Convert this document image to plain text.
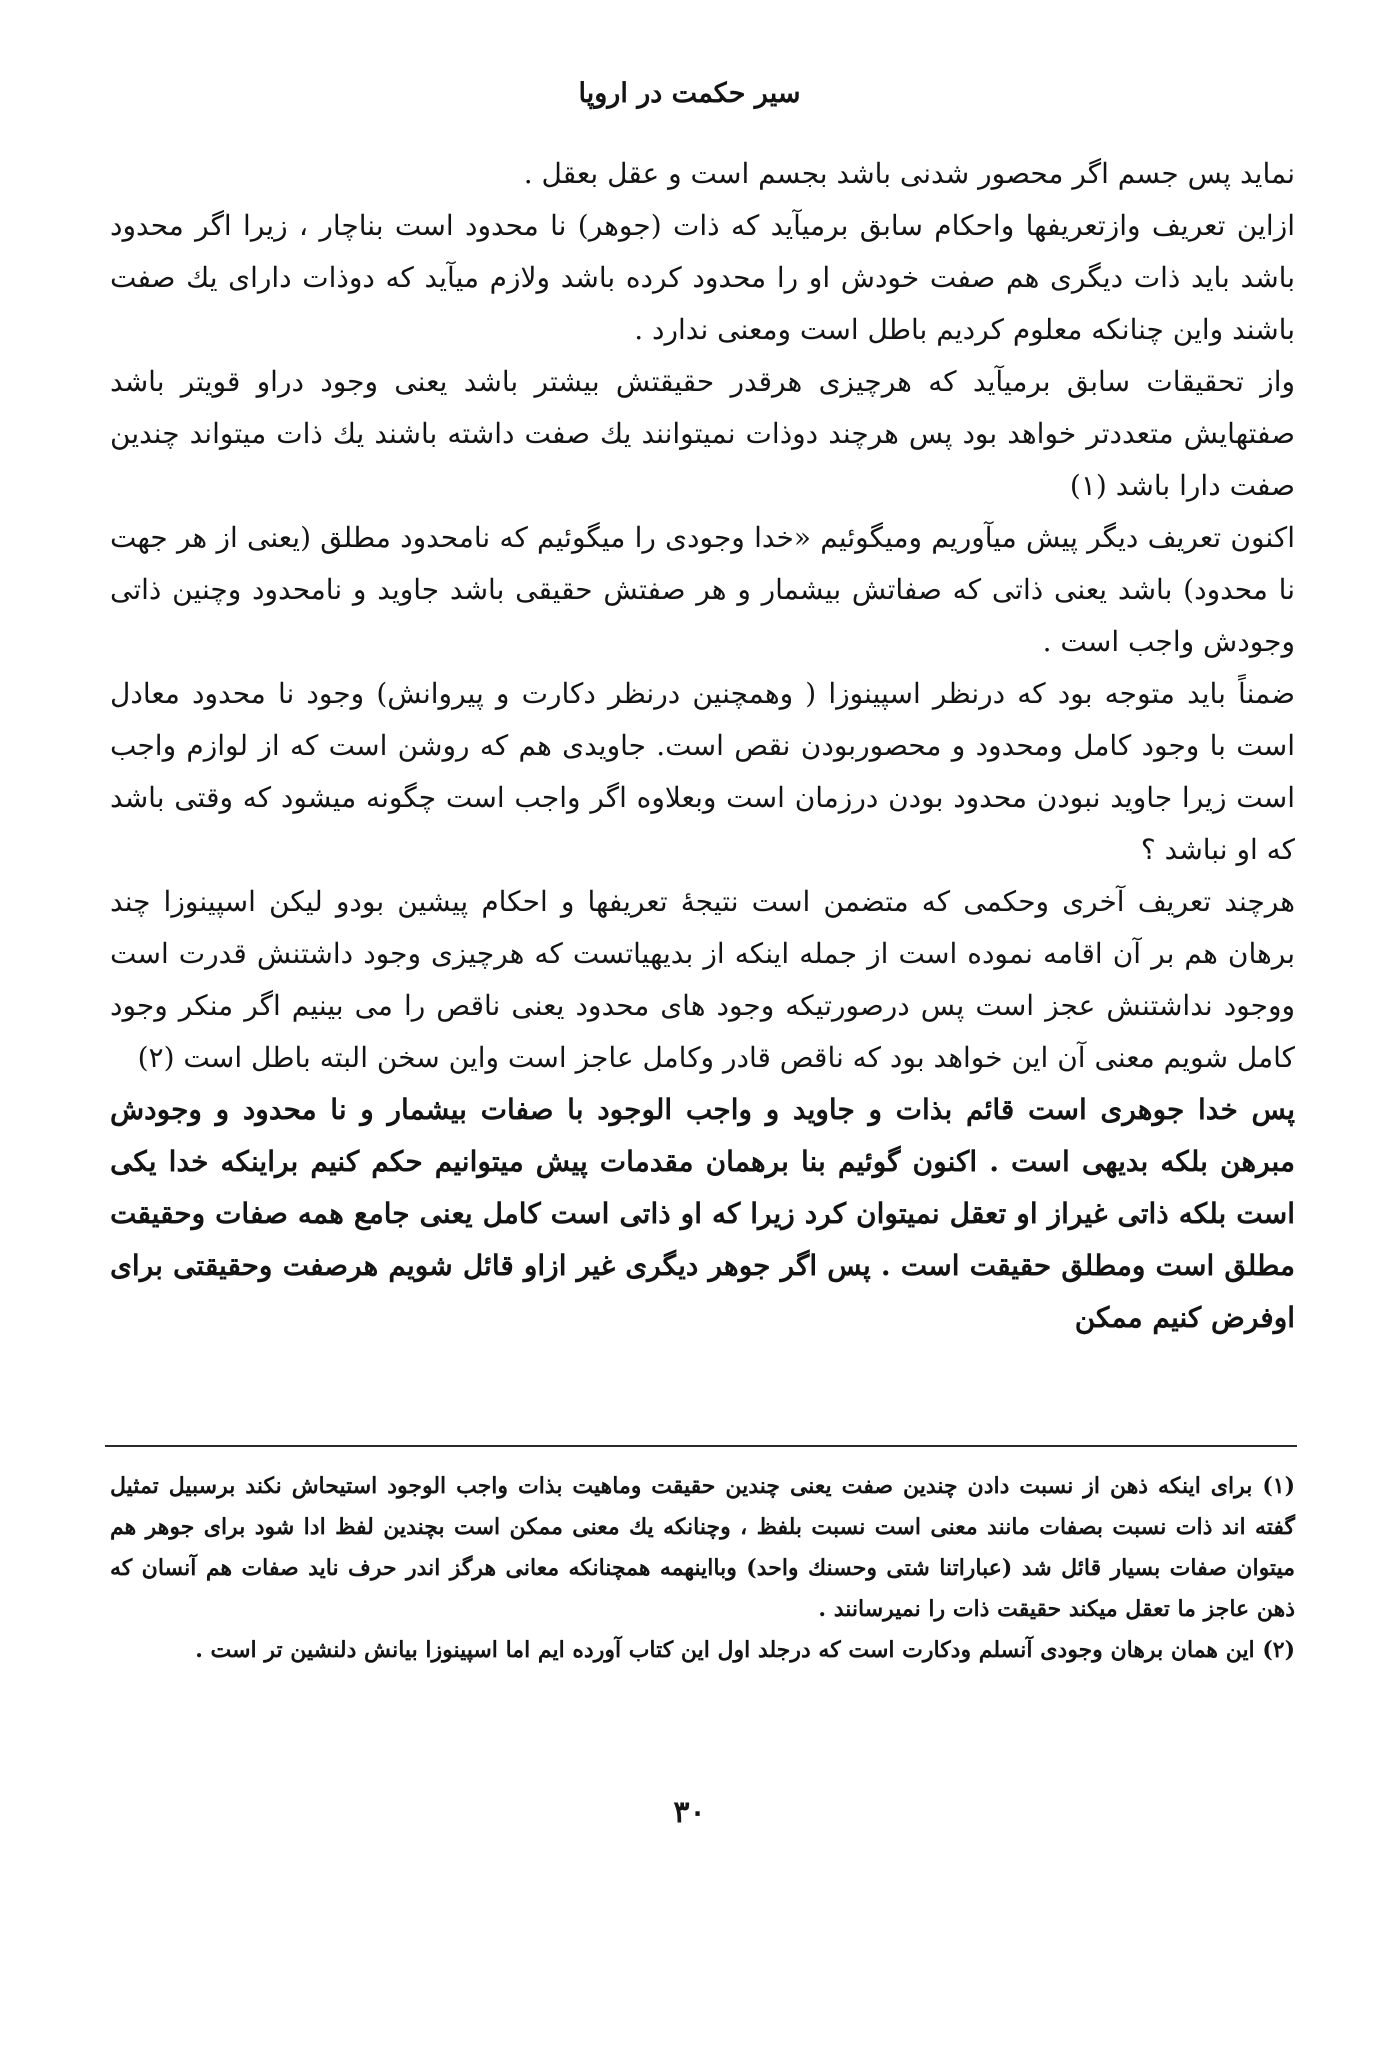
سیر حکمت در اروپا

نماید پس جسم اگر محصور شدنی باشد بجسم است و عقل بعقل .

ازاین تعریف وازتعریفها واحکام سابق برمیآید که ذات (جوهر) نا محدود است بناچار ، زیرا اگر محدود باشد باید ذات دیگری هم صفت خودش او را محدود کرده باشد ولازم میآید که دوذات دارای یك صفت باشند واین چنانکه معلوم کردیم باطل است ومعنی ندارد .

واز تحقیقات سابق برمیآید که هرچیزی هرقدر حقیقتش بیشتر باشد یعنی وجود دراو قویتر باشد صفتهایش متعددتر خواهد بود پس هرچند دوذات نمیتوانند یك صفت داشته باشند یك ذات میتواند چندین صفت دارا باشد (۱)

اکنون تعریف دیگر پیش میآوریم ومیگوئیم «خدا وجودی را میگوئیم که نامحدود مطلق (یعنی از هر جهت نا محدود) باشد یعنی ذاتی که صفاتش بیشمار و هر صفتش حقیقی باشد جاوید و نامحدود وچنین ذاتی وجودش واجب است .

ضمناً باید متوجه بود که درنظر اسپینوزا ( وهمچنین درنظر دکارت و پیروانش) وجود نا محدود معادل است با وجود کامل ومحدود و محصوربودن نقص است. جاویدی هم که روشن است که از لوازم واجب است زیرا جاوید نبودن محدود بودن درزمان است وبعلاوه اگر واجب است چگونه میشود که وقتی باشد که او نباشد ؟

هرچند تعریف آخری وحکمی که متضمن است نتیجهٔ تعریفها و احکام پیشین بودو لیکن اسپینوزا چند برهان هم بر آن اقامه نموده است از جمله اینکه از بدیهیاتست که هرچیزی وجود داشتنش قدرت است ووجود نداشتنش عجز است پس درصورتیکه وجود های محدود یعنی ناقص را می بینیم اگر منکر وجود کامل شویم معنی آن این خواهد بود که ناقص قادر وکامل عاجز است واین سخن البته باطل است (۲)

پس خدا جوهری است قائم بذات و جاوید و واجب الوجود با صفات بیشمار و نا محدود و وجودش مبرهن بلکه بدیهی است . اکنون گوئیم بنا برهمان مقدمات پیش میتوانیم حکم کنیم براینکه خدا یکی است بلکه ذاتی غیراز او تعقل نمیتوان کرد زیرا که او ذاتی است کامل یعنی جامع همه صفات وحقیقت مطلق است ومطلق حقیقت است . پس اگر جوهر دیگری غیر ازاو قائل شویم هرصفت وحقیقتی برای اوفرض کنیم ممکن

(۱) برای اینکه ذهن از نسبت دادن چندین صفت یعنی چندین حقیقت وماهیت بذات واجب الوجود استیحاش نکند برسبیل تمثیل گفته اند ذات نسبت بصفات مانند معنی است نسبت بلفظ ، وچنانکه یك معنی ممکن است بچندین لفظ ادا شود برای جوهر هم میتوان صفات بسیار قائل شد (عباراتنا شتی وحسنك واحد) وبااینهمه همچنانکه معانی هرگز اندر حرف ناید صفات هم آنسان که ذهن عاجز ما تعقل میکند حقیقت ذات را نمیرسانند .

(۲) این همان برهان وجودی آنسلم ودکارت است که درجلد اول این کتاب آورده ایم اما اسپینوزا بیانش دلنشین تر است .

۳۰
